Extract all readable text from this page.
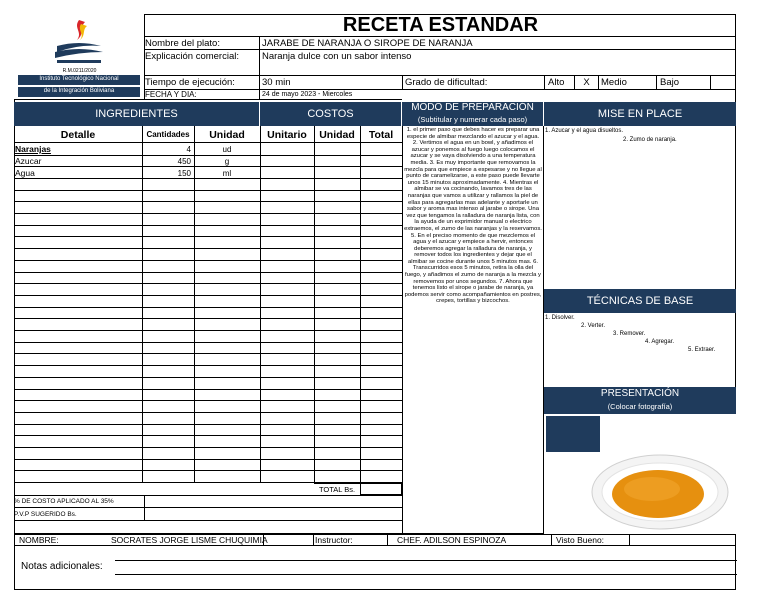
R.M.0211/2020
Instituto Tecnológico Nacional
de la Integración Boliviana
RECETA ESTANDAR
Nombre del plato:	JARABE DE NARANJA O SIROPE DE NARANJA
Explicación comercial:	Naranja dulce con un sabor intenso
Tiempo de ejecución:	30 min	Grado de dificultad:	Alto	X	Medio	Bajo
FECHA Y DIA:	24 de mayo 2023 - Miercoles
INGREDIENTES	COSTOS
MODO DE PREPARACIÓN
(Subtitular y numerar cada paso)	MISE EN PLACE
Detalle	Cantidades	Unidad	Unitario	Unidad	Total
Naranjas	4	ud
Azucar	450	g
Agua	150	ml
TOTAL Bs.
% DE COSTO APLICADO AL 35%
P.V.P SUGERIDO Bs.
1. el primer paso que debes hacer es preparar una especie de almibar mezclando el azucar y el agua. 2. Vertimos el agua en un bowl, y añadimos el azucar y ponemos al fuego luego colocamos el azucar y se vaya disolviendo a una temperatura media. 3. Es muy importante que removamos la mezcla para que empiece a espesarse y no llegue al punto de caramelizarse, a este paso puede llevarte unos 15 minutos aproximadamente. 4. Mientras el almibar se va cocinando, lavamos tres de las naranjas que vamos a utilizar y rallamos la piel de ellas para agregarlas mas adelante y aportarle un sabor y aroma mas intenso al jarabe o sirope. Una vez que tengamos la ralladura de naranja lista, con la ayuda de un exprimidor manual o electrico extraemos, el zumo de las naranjas y la reservamos. 5. En el preciso momento de que mezclemos el agua y el azucar y empiece a hervir, entonces deberemos agregar la ralladura de naranja, y remover todos los ingredientes y dejar que el almibar se cocine durante unos 5 minutos mas. 6. Transcurridos esos 5 minutos, retira la olla del fuego, y añadimos el zumo de naranja a la mezcla y removemos por unos segundos. 7. Ahora que tenemos listo el sirope o jarabe de naranja, ya podemos servir como acompañamientos en postres, crepes, tortillas y bizcochos.
1. Azucar y el agua disueltos.
2. Zumo de naranja.
TÉCNICAS DE BASE
1. Disolver.
2. Verter.
3. Remover.
4. Agregar.
5. Extraer.
PRESENTACIÓN
(Colocar fotografía)
NOMBRE:	SOCRATES JORGE LISME CHUQUIMIA	Instructor:	CHEF. ADILSON ESPINOZA	Visto Bueno:
Notas adicionales:
